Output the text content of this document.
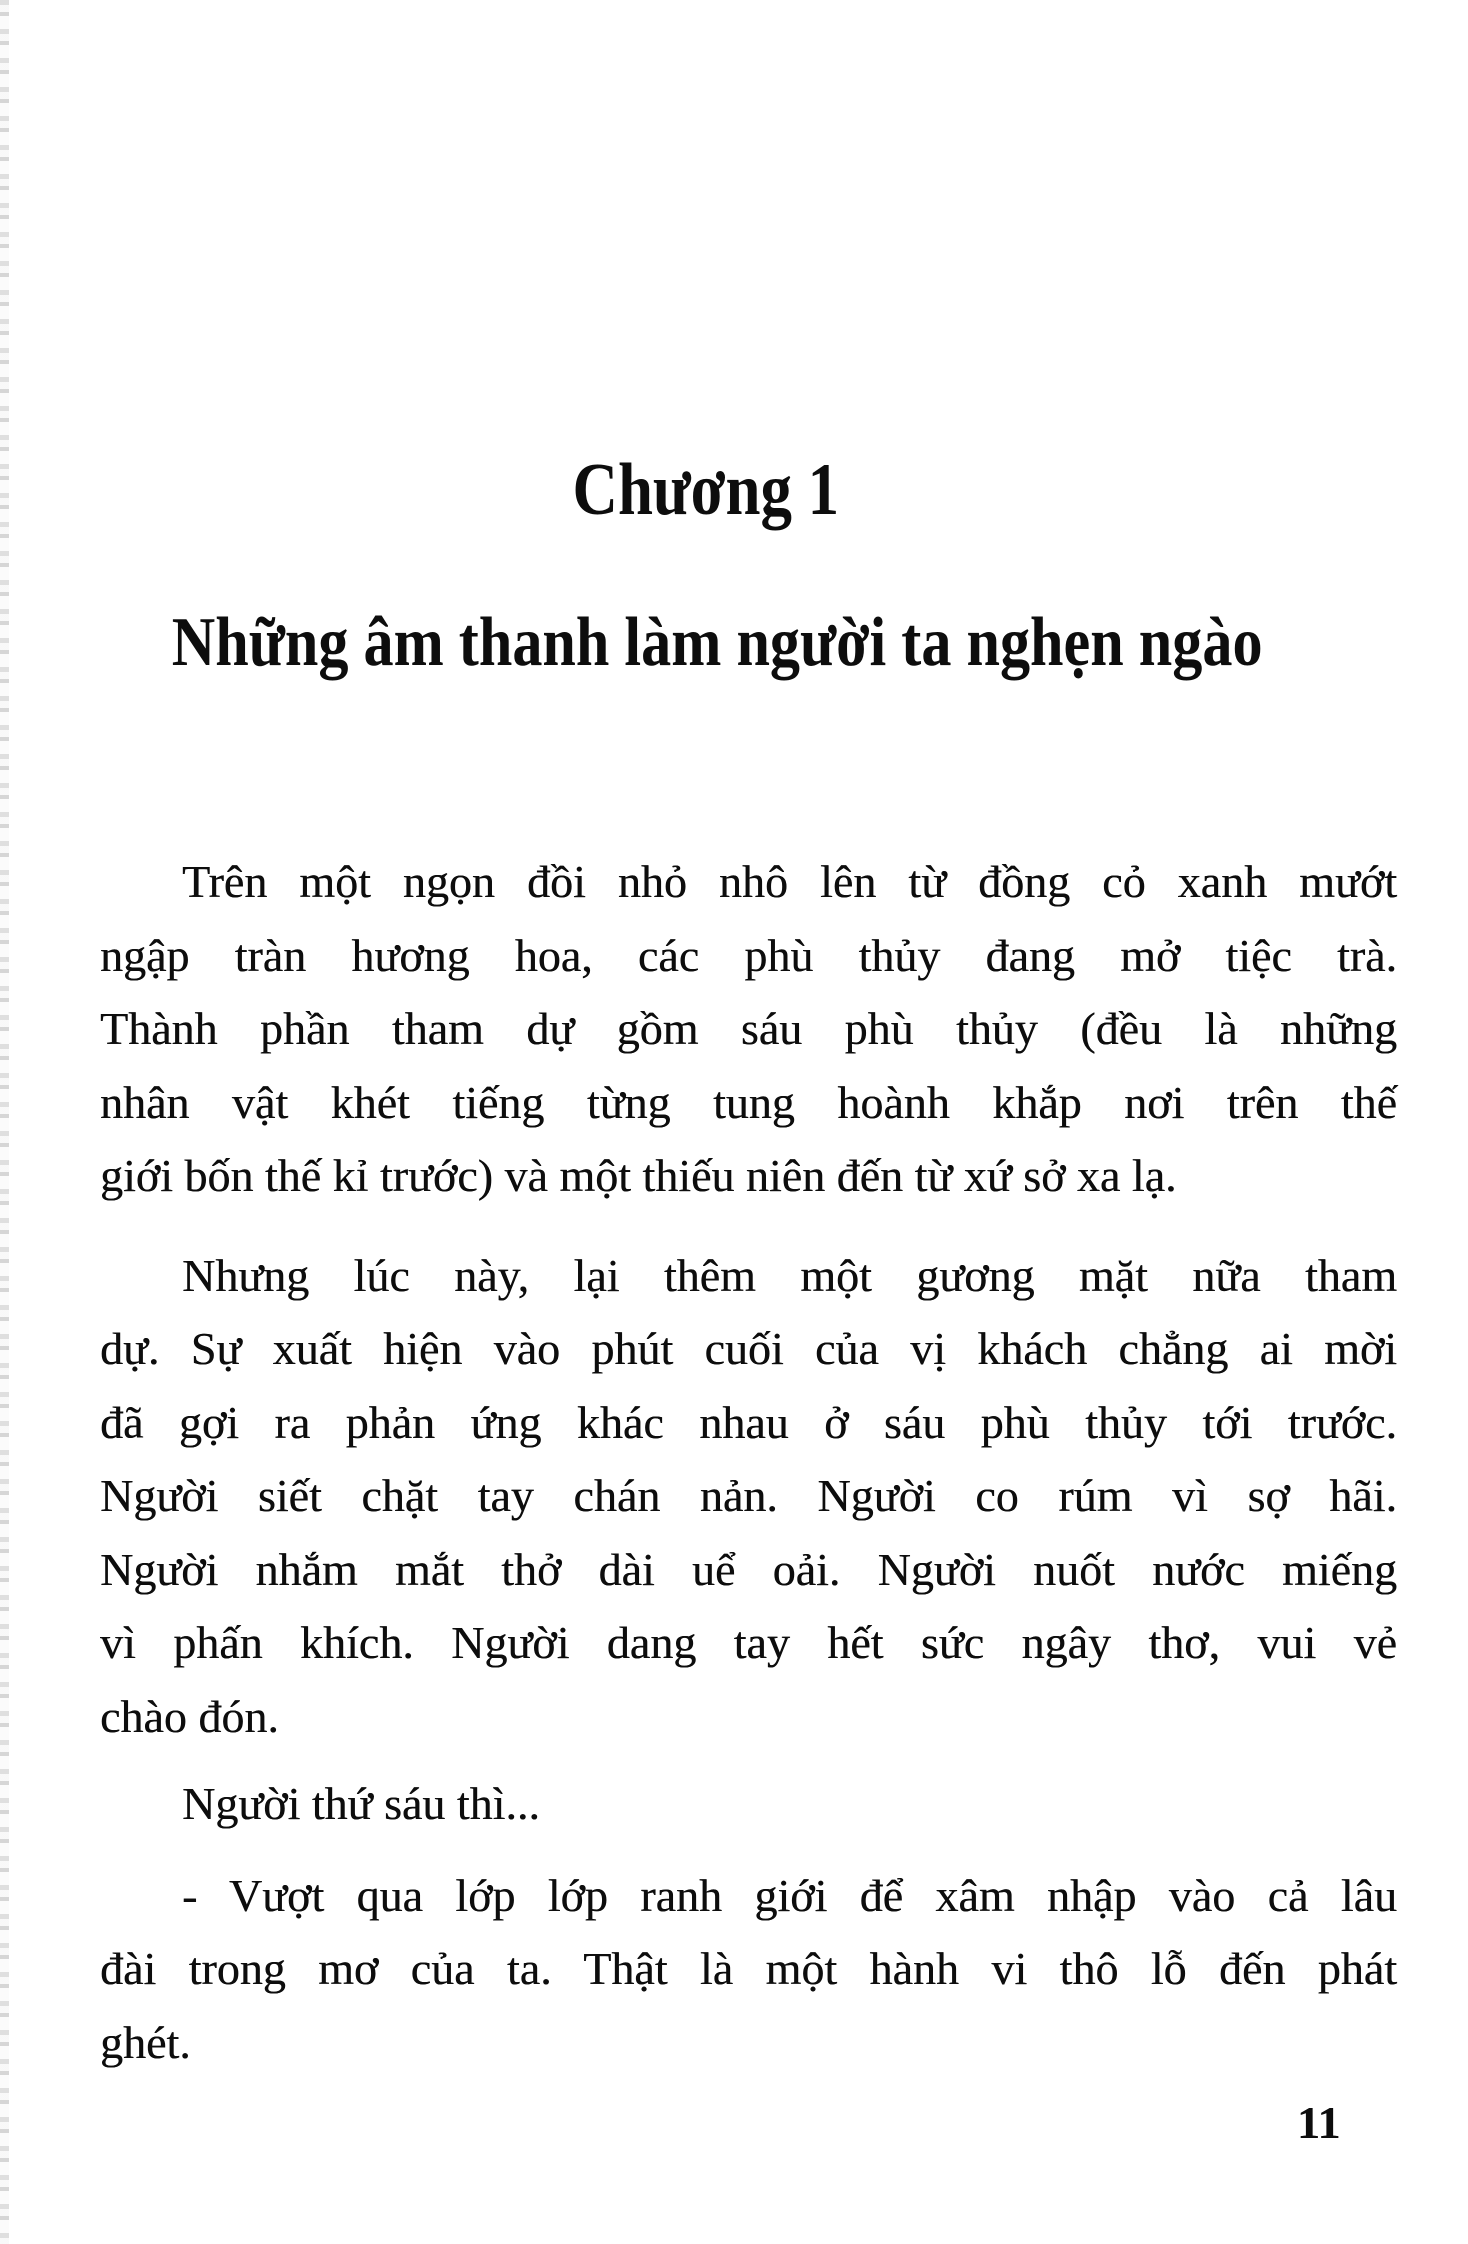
Chương 1
Những âm thanh làm người ta nghẹn ngào
Trên một ngọn đồi nhỏ nhô lên từ đồng cỏ xanh mướt
ngập tràn hương hoa, các phù thủy đang mở tiệc trà.
Thành phần tham dự gồm sáu phù thủy (đều là những
nhân vật khét tiếng từng tung hoành khắp nơi trên thế
giới bốn thế kỉ trước) và một thiếu niên đến từ xứ sở xa lạ.
Nhưng lúc này, lại thêm một gương mặt nữa tham
dự. Sự xuất hiện vào phút cuối của vị khách chẳng ai mời
đã gợi ra phản ứng khác nhau ở sáu phù thủy tới trước.
Người siết chặt tay chán nản. Người co rúm vì sợ hãi.
Người nhắm mắt thở dài uể oải. Người nuốt nước miếng
vì phấn khích. Người dang tay hết sức ngây thơ, vui vẻ
chào đón.
Người thứ sáu thì...
- Vượt qua lớp lớp ranh giới để xâm nhập vào cả lâu
đài trong mơ của ta. Thật là một hành vi thô lỗ đến phát
ghét.
11
